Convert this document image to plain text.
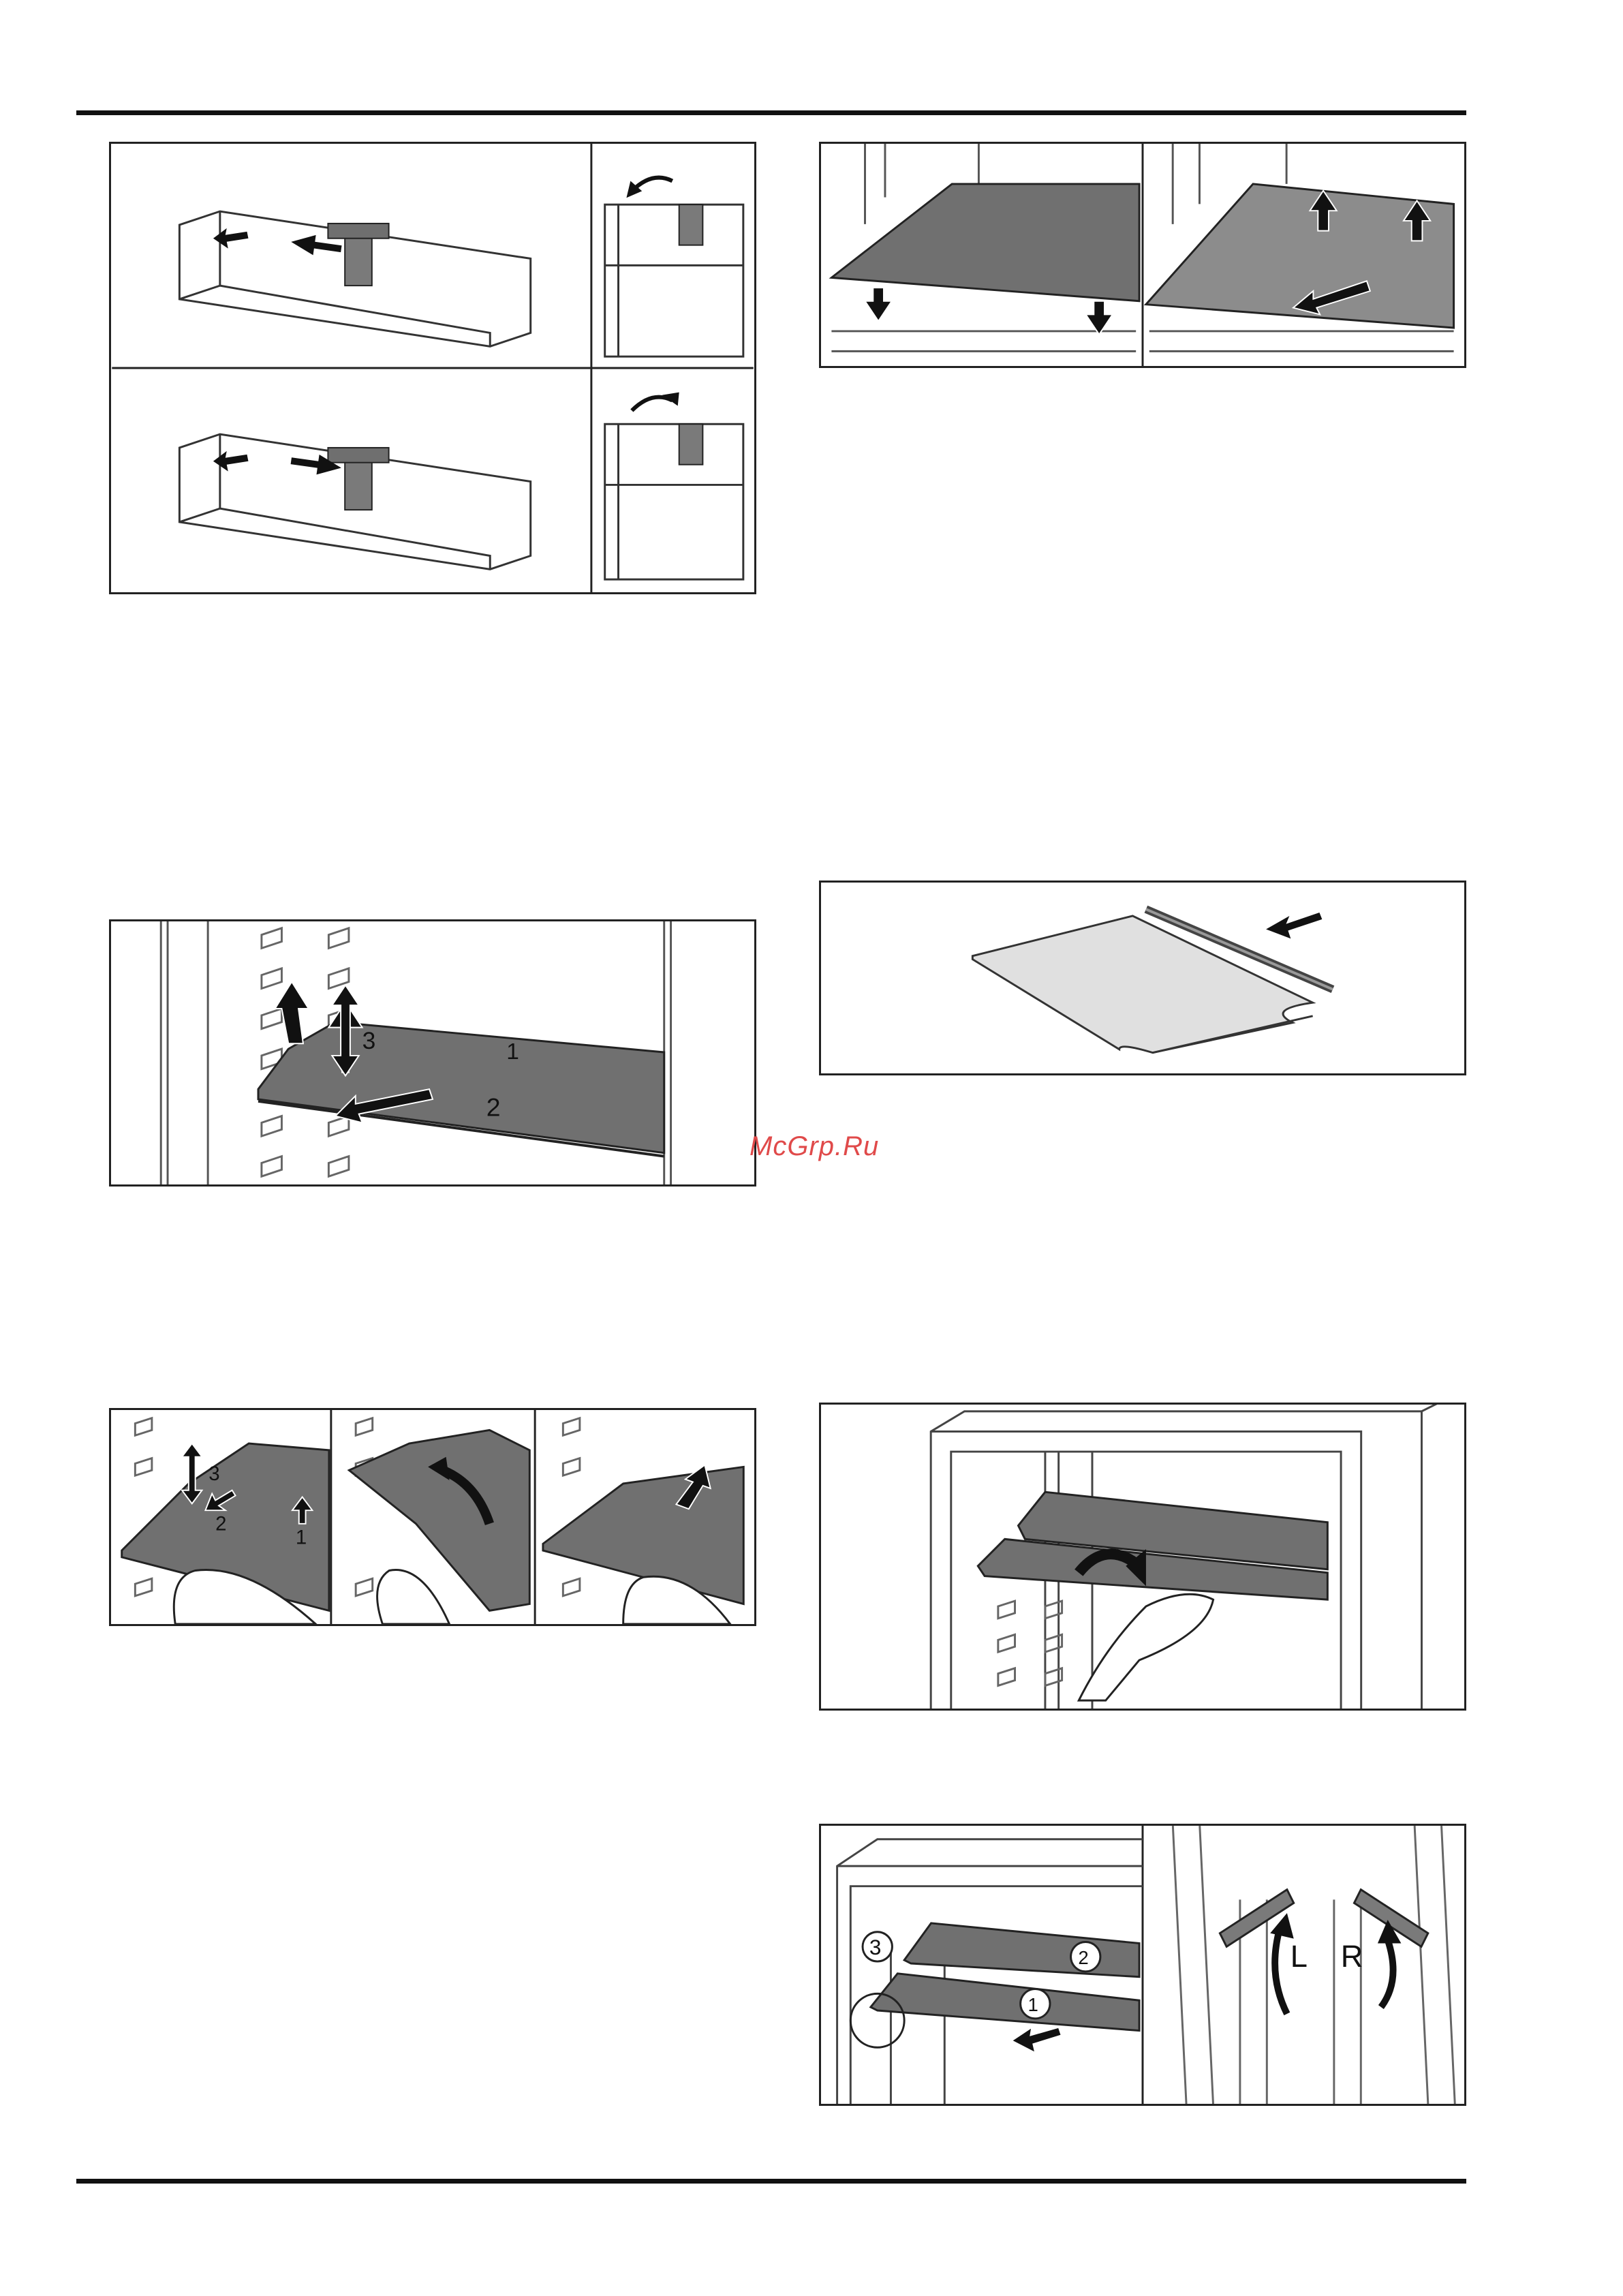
3	1
2
3
2
1
3	2
1
L R
McGrp.Ru
